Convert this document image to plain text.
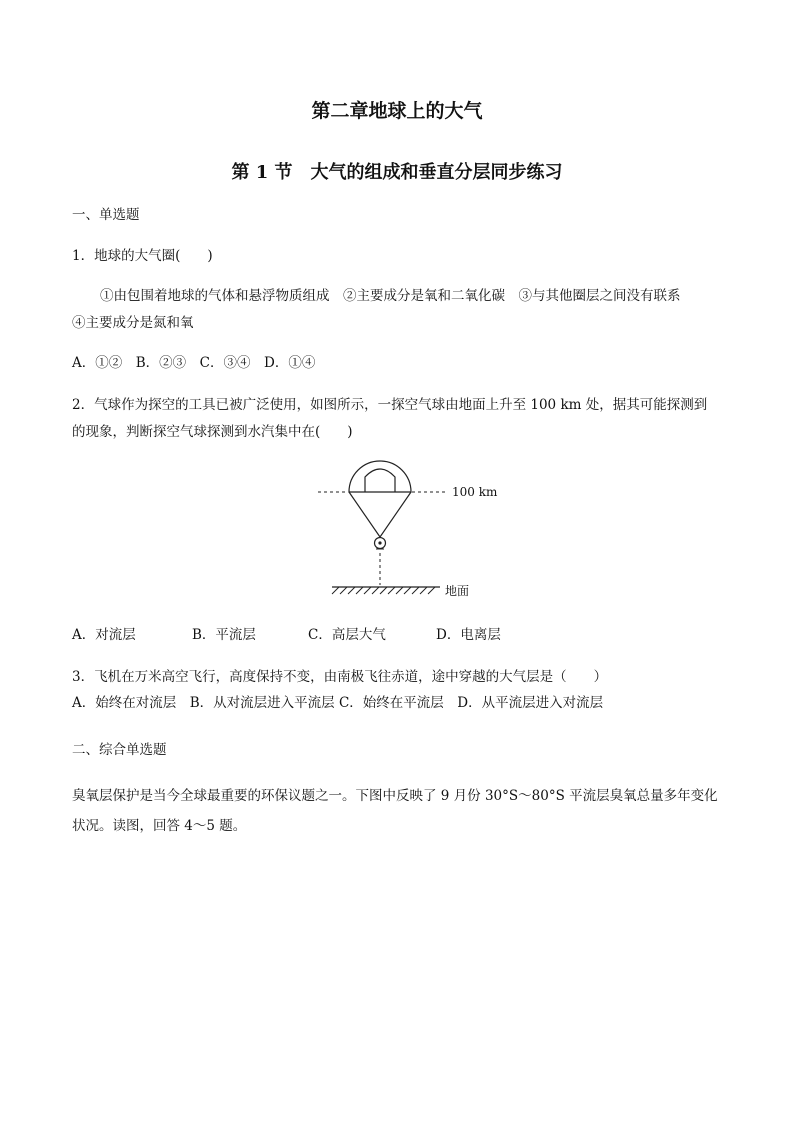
第二章地球上的大气
第 1 节　大气的组成和垂直分层同步练习
一、单选题
1．地球的大气圈(　　)
①由包围着地球的气体和悬浮物质组成　②主要成分是氧和二氧化碳　③与其他圈层之间没有联系
④主要成分是氮和氧
A．①②　B．②③　C．③④　D．①④
2．气球作为探空的工具已被广泛使用，如图所示，一探空气球由地面上升至 100 km 处，据其可能探测到
的现象，判断探空气球探测到水汽集中在(　　)
100 km
地面
A．对流层	B．平流层	C．高层大气	D．电离层
3．飞机在万米高空飞行，高度保持不变，由南极飞往赤道，途中穿越的大气层是（　　）
A．始终在对流层　B．从对流层进入平流层 C．始终在平流层　D．从平流层进入对流层
二、综合单选题
臭氧层保护是当今全球最重要的环保议题之一。下图中反映了 9 月份 30°S～80°S 平流层臭氧总量多年变化
状况。读图，回答 4～5 题。
